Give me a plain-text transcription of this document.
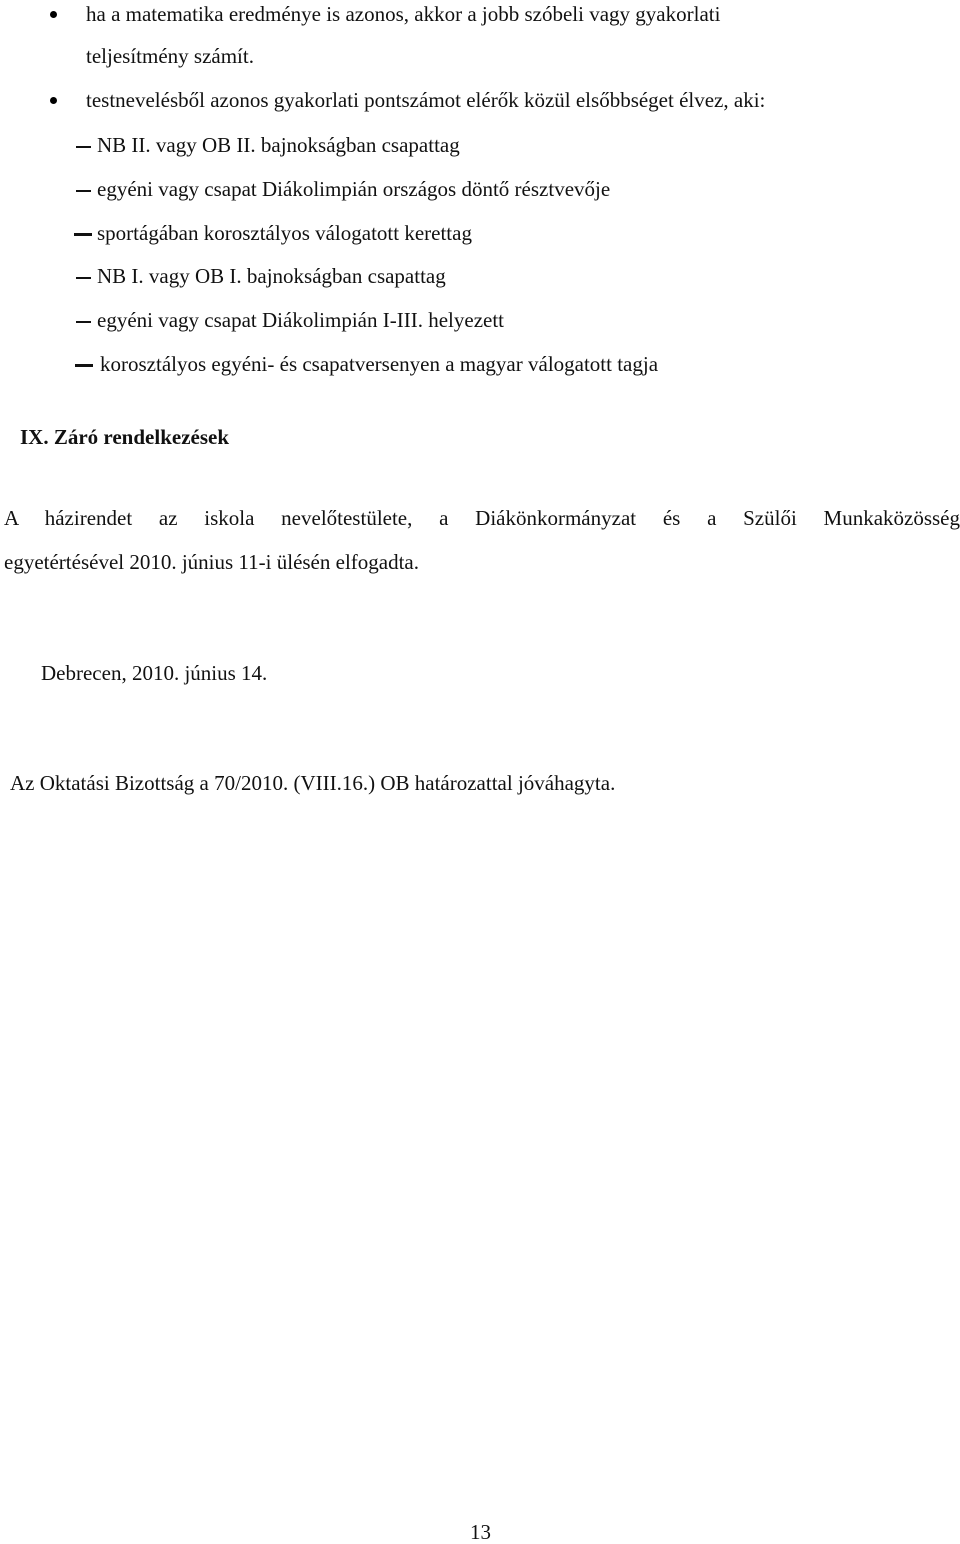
ha a matematika eredménye is azonos, akkor a jobb szóbeli vagy gyakorlati
teljesítmény számít.
testnevelésből azonos gyakorlati pontszámot elérők közül elsőbbséget élvez, aki:
NB II. vagy OB II. bajnokságban csapattag
egyéni vagy csapat Diákolimpián országos döntő résztvevője
sportágában korosztályos válogatott kerettag
NB I. vagy OB I. bajnokságban csapattag
egyéni vagy csapat Diákolimpián I-III. helyezett
korosztályos egyéni- és csapatversenyen a magyar válogatott tagja
IX. Záró rendelkezések
A házirendet az iskola nevelőtestülete, a Diákönkormányzat és a Szülői Munkaközösség
egyetértésével 2010. június 11-i ülésén elfogadta.
Debrecen, 2010. június 14.
Az Oktatási Bizottság a 70/2010. (VIII.16.) OB határozattal jóváhagyta.
13
